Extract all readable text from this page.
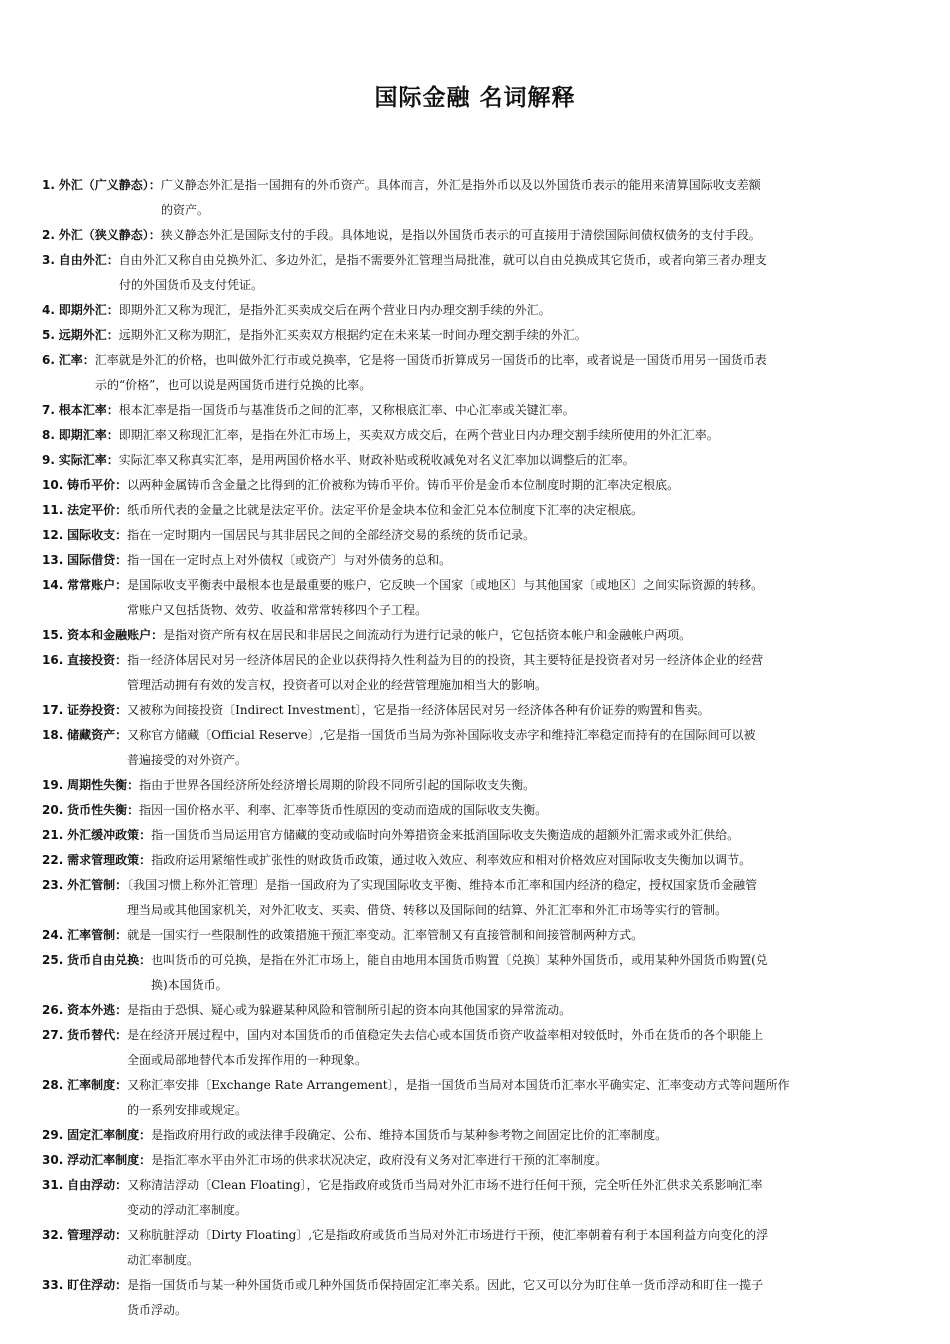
国际金融 名词解释
1. 外汇（广义静态）：广义静态外汇是指一国拥有的外币资产。具体而言，外汇是指外币以及以外国货币表示的能用来清算国际收支差额
的资产。
2. 外汇（狭义静态）：狭义静态外汇是国际支付的手段。具体地说，是指以外国货币表示的可直接用于清偿国际间债权债务的支付手段。
3. 自由外汇：自由外汇又称自由兑换外汇、多边外汇，是指不需要外汇管理当局批准，就可以自由兑换成其它货币，或者向第三者办理支
付的外国货币及支付凭证。
4. 即期外汇：即期外汇又称为现汇，是指外汇买卖成交后在两个营业日内办理交割手续的外汇。
5. 远期外汇：远期外汇又称为期汇，是指外汇买卖双方根据约定在未来某一时间办理交割手续的外汇。
6. 汇率：汇率就是外汇的价格，也叫做外汇行市或兑换率，它是将一国货币折算成另一国货币的比率，或者说是一国货币用另一国货币表
示的“价格”，也可以说是两国货币进行兑换的比率。
7. 根本汇率：根本汇率是指一国货币与基准货币之间的汇率，又称根底汇率、中心汇率或关键汇率。
8. 即期汇率：即期汇率又称现汇汇率，是指在外汇市场上，买卖双方成交后，在两个营业日内办理交割手续所使用的外汇汇率。
9. 实际汇率：实际汇率又称真实汇率，是用两国价格水平、财政补贴或税收减免对名义汇率加以调整后的汇率。
10. 铸币平价：以两种金属铸币含金量之比得到的汇价被称为铸币平价。铸币平价是金币本位制度时期的汇率决定根底。
11. 法定平价：纸币所代表的金量之比就是法定平价。法定平价是金块本位和金汇兑本位制度下汇率的决定根底。
12. 国际收支：指在一定时期内一国居民与其非居民之间的全部经济交易的系统的货币记录。
13. 国际借贷：指一国在一定时点上对外债权〔或资产〕与对外债务的总和。
14. 常常账户：是国际收支平衡表中最根本也是最重要的账户，它反映一个国家〔或地区〕与其他国家〔或地区〕之间实际资源的转移。
常账户又包括货物、效劳、收益和常常转移四个子工程。
15. 资本和金融账户：是指对资产所有权在居民和非居民之间流动行为进行记录的帐户，它包括资本帐户和金融帐户两项。
16. 直接投资：指一经济体居民对另一经济体居民的企业以获得持久性利益为目的的投资，其主要特征是投资者对另一经济体企业的经营
管理活动拥有有效的发言权，投资者可以对企业的经营管理施加相当大的影响。
17. 证券投资：又被称为间接投资〔Indirect Investment〕，它是指一经济体居民对另一经济体各种有价证券的购置和售卖。
18. 储藏资产：又称官方储藏〔Official Reserve〕,它是指一国货币当局为弥补国际收支赤字和维持汇率稳定而持有的在国际间可以被
普遍接受的对外资产。
19. 周期性失衡：指由于世界各国经济所处经济增长周期的阶段不同所引起的国际收支失衡。
20. 货币性失衡：指因一国价格水平、利率、汇率等货币性原因的变动而造成的国际收支失衡。
21. 外汇缓冲政策：指一国货币当局运用官方储藏的变动或临时向外筹措资金来抵消国际收支失衡造成的超额外汇需求或外汇供给。
22. 需求管理政策：指政府运用紧缩性或扩张性的财政货币政策，通过收入效应、利率效应和相对价格效应对国际收支失衡加以调节。
23. 外汇管制：〔我国习惯上称外汇管理〕是指一国政府为了实现国际收支平衡、维持本币汇率和国内经济的稳定，授权国家货币金融管
理当局或其他国家机关，对外汇收支、买卖、借贷、转移以及国际间的结算、外汇汇率和外汇市场等实行的管制。
24. 汇率管制：就是一国实行一些限制性的政策措施干预汇率变动。汇率管制又有直接管制和间接管制两种方式。
25. 货币自由兑换：也叫货币的可兑换，是指在外汇市场上，能自由地用本国货币购置〔兑换〕某种外国货币，或用某种外国货币购置(兑
换)本国货币。
26. 资本外逃：是指由于恐惧、疑心或为躲避某种风险和管制所引起的资本向其他国家的异常流动。
27. 货币替代：是在经济开展过程中，国内对本国货币的币值稳定失去信心或本国货币资产收益率相对较低时，外币在货币的各个职能上
全面或局部地替代本币发挥作用的一种现象。
28. 汇率制度：又称汇率安排〔Exchange Rate Arrangement〕，是指一国货币当局对本国货币汇率水平确实定、汇率变动方式等问题所作
的一系列安排或规定。
29. 固定汇率制度：是指政府用行政的或法律手段确定、公布、维持本国货币与某种参考物之间固定比价的汇率制度。
30. 浮动汇率制度：是指汇率水平由外汇市场的供求状况决定，政府没有义务对汇率进行干预的汇率制度。
31. 自由浮动：又称清洁浮动〔Clean Floating〕，它是指政府或货币当局对外汇市场不进行任何干预，完全听任外汇供求关系影响汇率
变动的浮动汇率制度。
32. 管理浮动：又称肮脏浮动〔Dirty Floating〕,它是指政府或货币当局对外汇市场进行干预，使汇率朝着有利于本国利益方向变化的浮
动汇率制度。
33. 盯住浮动：是指一国货币与某一种外国货币或几种外国货币保持固定汇率关系。因此，它又可以分为盯住单一货币浮动和盯住一揽子
货币浮动。
